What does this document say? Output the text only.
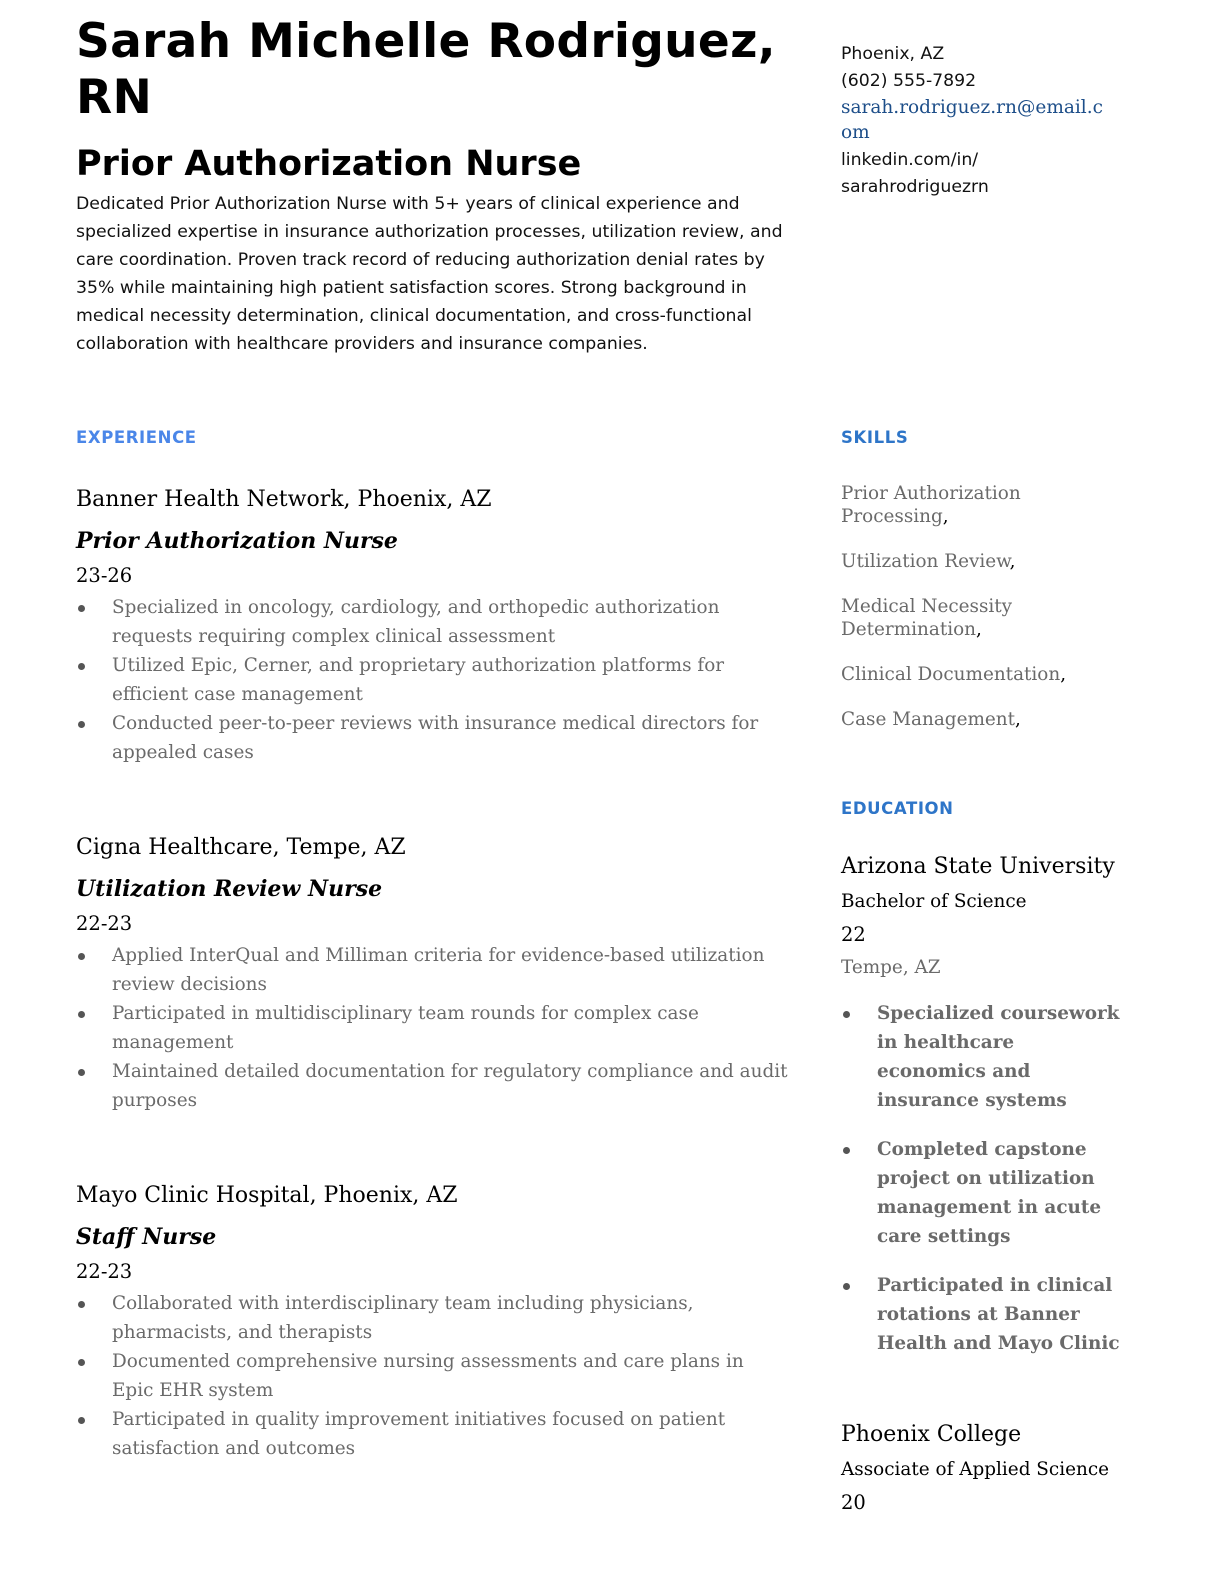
Sarah Michelle Rodriguez, RN
Prior Authorization Nurse

Dedicated Prior Authorization Nurse with 5+ years of clinical experience and specialized expertise in insurance authorization processes, utilization review, and care coordination. Proven track record of reducing authorization denial rates by 35% while maintaining high patient satisfaction scores. Strong background in medical necessity determination, clinical documentation, and cross-functional collaboration with healthcare providers and insurance companies.

Phoenix, AZ
(602) 555-7892
sarah.rodriguez.rn@email.com
linkedin.com/in/
sarahrodriguezrn
EXPERIENCE	SKILLS
EDUCATION
Banner Health Network, Phoenix, AZ
Prior Authorization Nurse
23-26
Specialized in oncology, cardiology, and orthopedic authorization requests requiring complex clinical assessment
Utilized Epic, Cerner, and proprietary authorization platforms for efficient case management
Conducted peer-to-peer reviews with insurance medical directors for appealed cases
Cigna Healthcare, Tempe, AZ
Utilization Review Nurse
22-23
Applied InterQual and Milliman criteria for evidence-based utilization review decisions
Participated in multidisciplinary team rounds for complex case management
Maintained detailed documentation for regulatory compliance and audit purposes
Mayo Clinic Hospital, Phoenix, AZ
Staff Nurse
22-23
Collaborated with interdisciplinary team including physicians, pharmacists, and therapists
Documented comprehensive nursing assessments and care plans in Epic EHR system
Participated in quality improvement initiatives focused on patient satisfaction and outcomes
Prior Authorization Processing,
Utilization Review,
Medical Necessity Determination,
Clinical Documentation,
Case Management,
Arizona State University
Bachelor of Science
22
Tempe, AZ
Specialized coursework in healthcare economics and insurance systems
Completed capstone project on utilization management in acute care settings
Participated in clinical rotations at Banner Health and Mayo Clinic
Phoenix College
Associate of Applied Science
20
